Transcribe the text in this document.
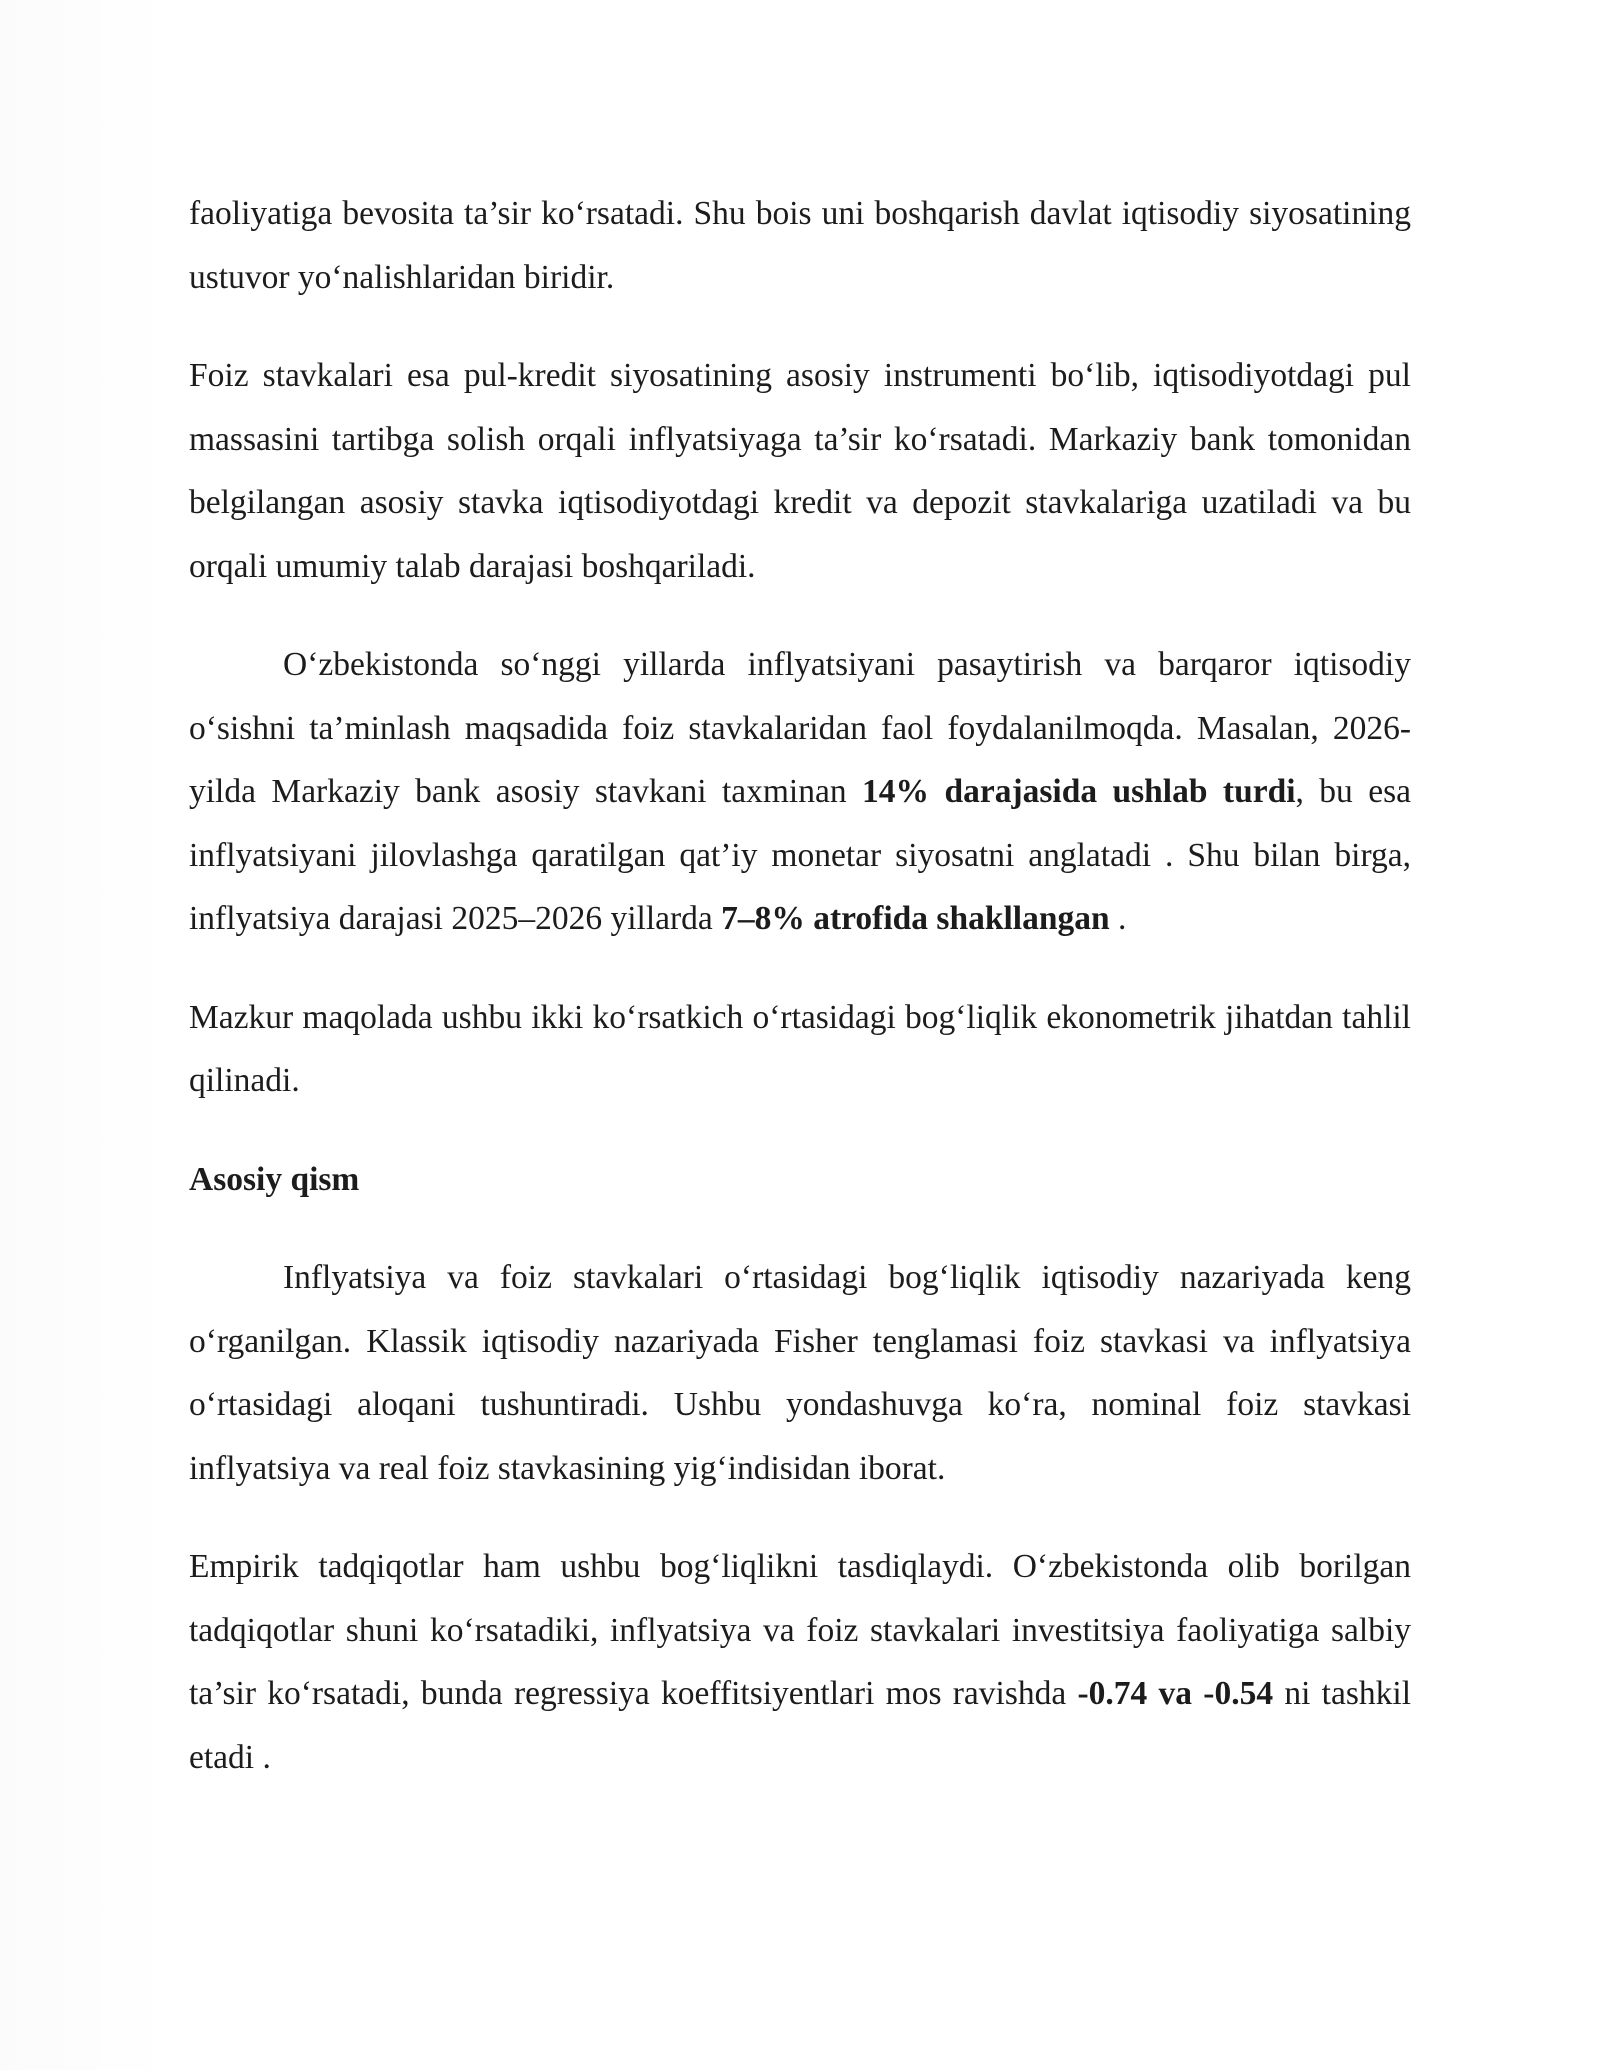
faoliyatiga bevosita ta’sir ko‘rsatadi. Shu bois uni boshqarish davlat iqtisodiy siyosatining ustuvor yo‘nalishlaridan biridir.

Foiz stavkalari esa pul-kredit siyosatining asosiy instrumenti bo‘lib, iqtisodiyotdagi pul massasini tartibga solish orqali inflyatsiyaga ta’sir ko‘rsatadi. Markaziy bank tomonidan belgilangan asosiy stavka iqtisodiyotdagi kredit va depozit stavkalariga uzatiladi va bu orqali umumiy talab darajasi boshqariladi.

O‘zbekistonda so‘nggi yillarda inflyatsiyani pasaytirish va barqaror iqtisodiy o‘sishni ta’minlash maqsadida foiz stavkalaridan faol foydalanilmoqda. Masalan, 2026-yilda Markaziy bank asosiy stavkani taxminan 14% darajasida ushlab turdi, bu esa inflyatsiyani jilovlashga qaratilgan qat’iy monetar siyosatni anglatadi . Shu bilan birga, inflyatsiya darajasi 2025–2026 yillarda 7–8% atrofida shakllangan .

Mazkur maqolada ushbu ikki ko‘rsatkich o‘rtasidagi bog‘liqlik ekonometrik jihatdan tahlil qilinadi.

Asosiy qism

Inflyatsiya va foiz stavkalari o‘rtasidagi bog‘liqlik iqtisodiy nazariyada keng o‘rganilgan. Klassik iqtisodiy nazariyada Fisher tenglamasi foiz stavkasi va inflyatsiya o‘rtasidagi aloqani tushuntiradi. Ushbu yondashuvga ko‘ra, nominal foiz stavkasi inflyatsiya va real foiz stavkasining yig‘indisidan iborat.

Empirik tadqiqotlar ham ushbu bog‘liqlikni tasdiqlaydi. O‘zbekistonda olib borilgan tadqiqotlar shuni ko‘rsatadiki, inflyatsiya va foiz stavkalari investitsiya faoliyatiga salbiy ta’sir ko‘rsatadi, bunda regressiya koeffitsiyentlari mos ravishda -0.74 va -0.54 ni tashkil etadi .
